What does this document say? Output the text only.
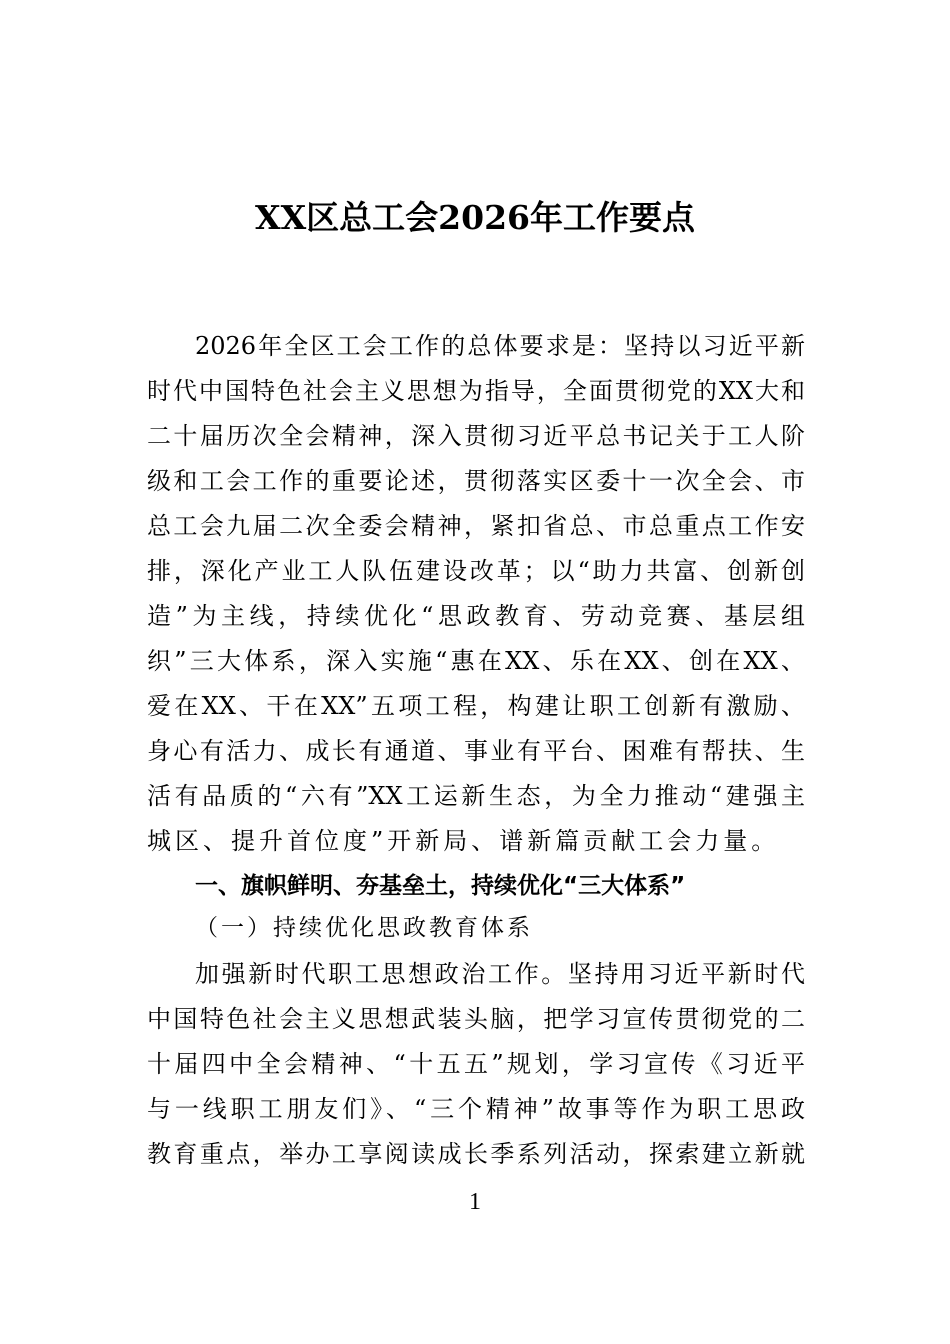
XX区总工会2026年工作要点
2026年全区工会工作的总体要求是：坚持以习近平新
时代中国特色社会主义思想为指导，全面贯彻党的XX大和
二十届历次全会精神，深入贯彻习近平总书记关于工人阶
级和工会工作的重要论述，贯彻落实区委十一次全会、市
总工会九届二次全委会精神，紧扣省总、市总重点工作安
排，深化产业工人队伍建设改革；以“助力共富、创新创
造”为主线，持续优化“思政教育、劳动竞赛、基层组
织”三大体系，深入实施“惠在XX、乐在XX、创在XX、
爱在XX、干在XX”五项工程，构建让职工创新有激励、
身心有活力、成长有通道、事业有平台、困难有帮扶、生
活有品质的“六有”XX工运新生态，为全力推动“建强主
城区、提升首位度”开新局、谱新篇贡献工会力量。
一、旗帜鲜明、夯基垒土，持续优化“三大体系”
（一）持续优化思政教育体系
加强新时代职工思想政治工作。坚持用习近平新时代
中国特色社会主义思想武装头脑，把学习宣传贯彻党的二
十届四中全会精神、“十五五”规划，学习宣传《习近平
与一线职工朋友们》、“三个精神”故事等作为职工思政
教育重点，举办工享阅读成长季系列活动，探索建立新就
1
